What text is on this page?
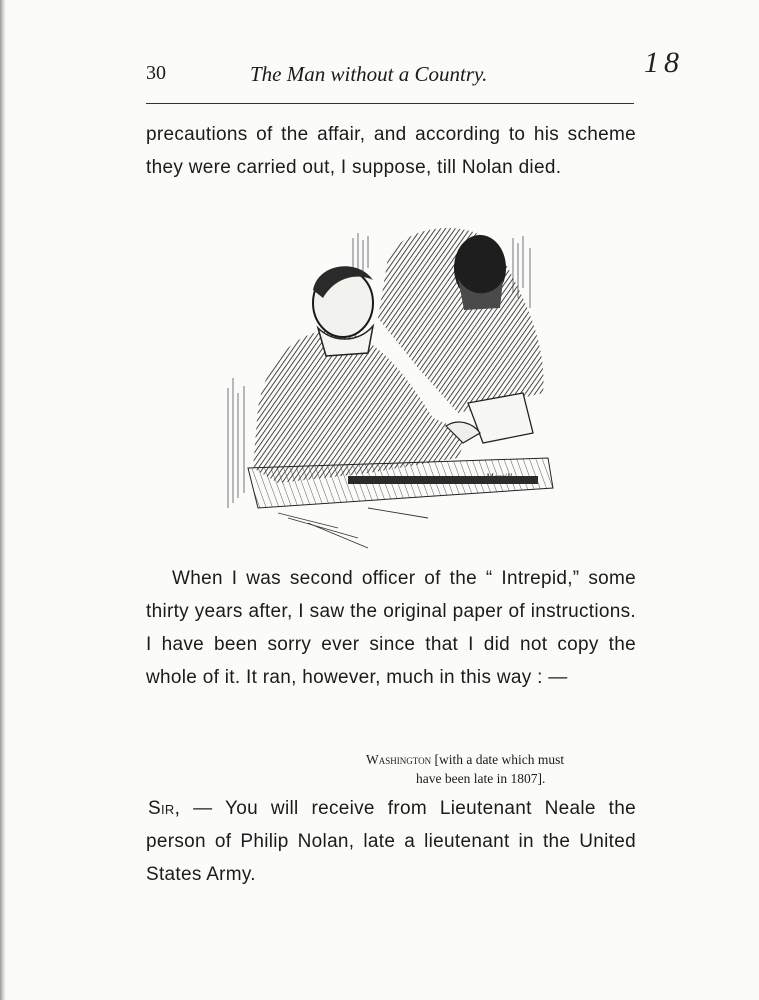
30	The Man without a Country.	18

precautions of the affair, and according to his scheme they were carried out, I suppose, till Nolan died.

Merrill

When I was second officer of the “ Intrepid,” some thirty years after, I saw the original paper of instructions. I have been sorry ever since that I did not copy the whole of it. It ran, however, much in this way : —

Washington [with a date which must
have been late in 1807].

Sir, — You will receive from Lieutenant Neale the person of Philip Nolan, late a lieutenant in the United States Army.
